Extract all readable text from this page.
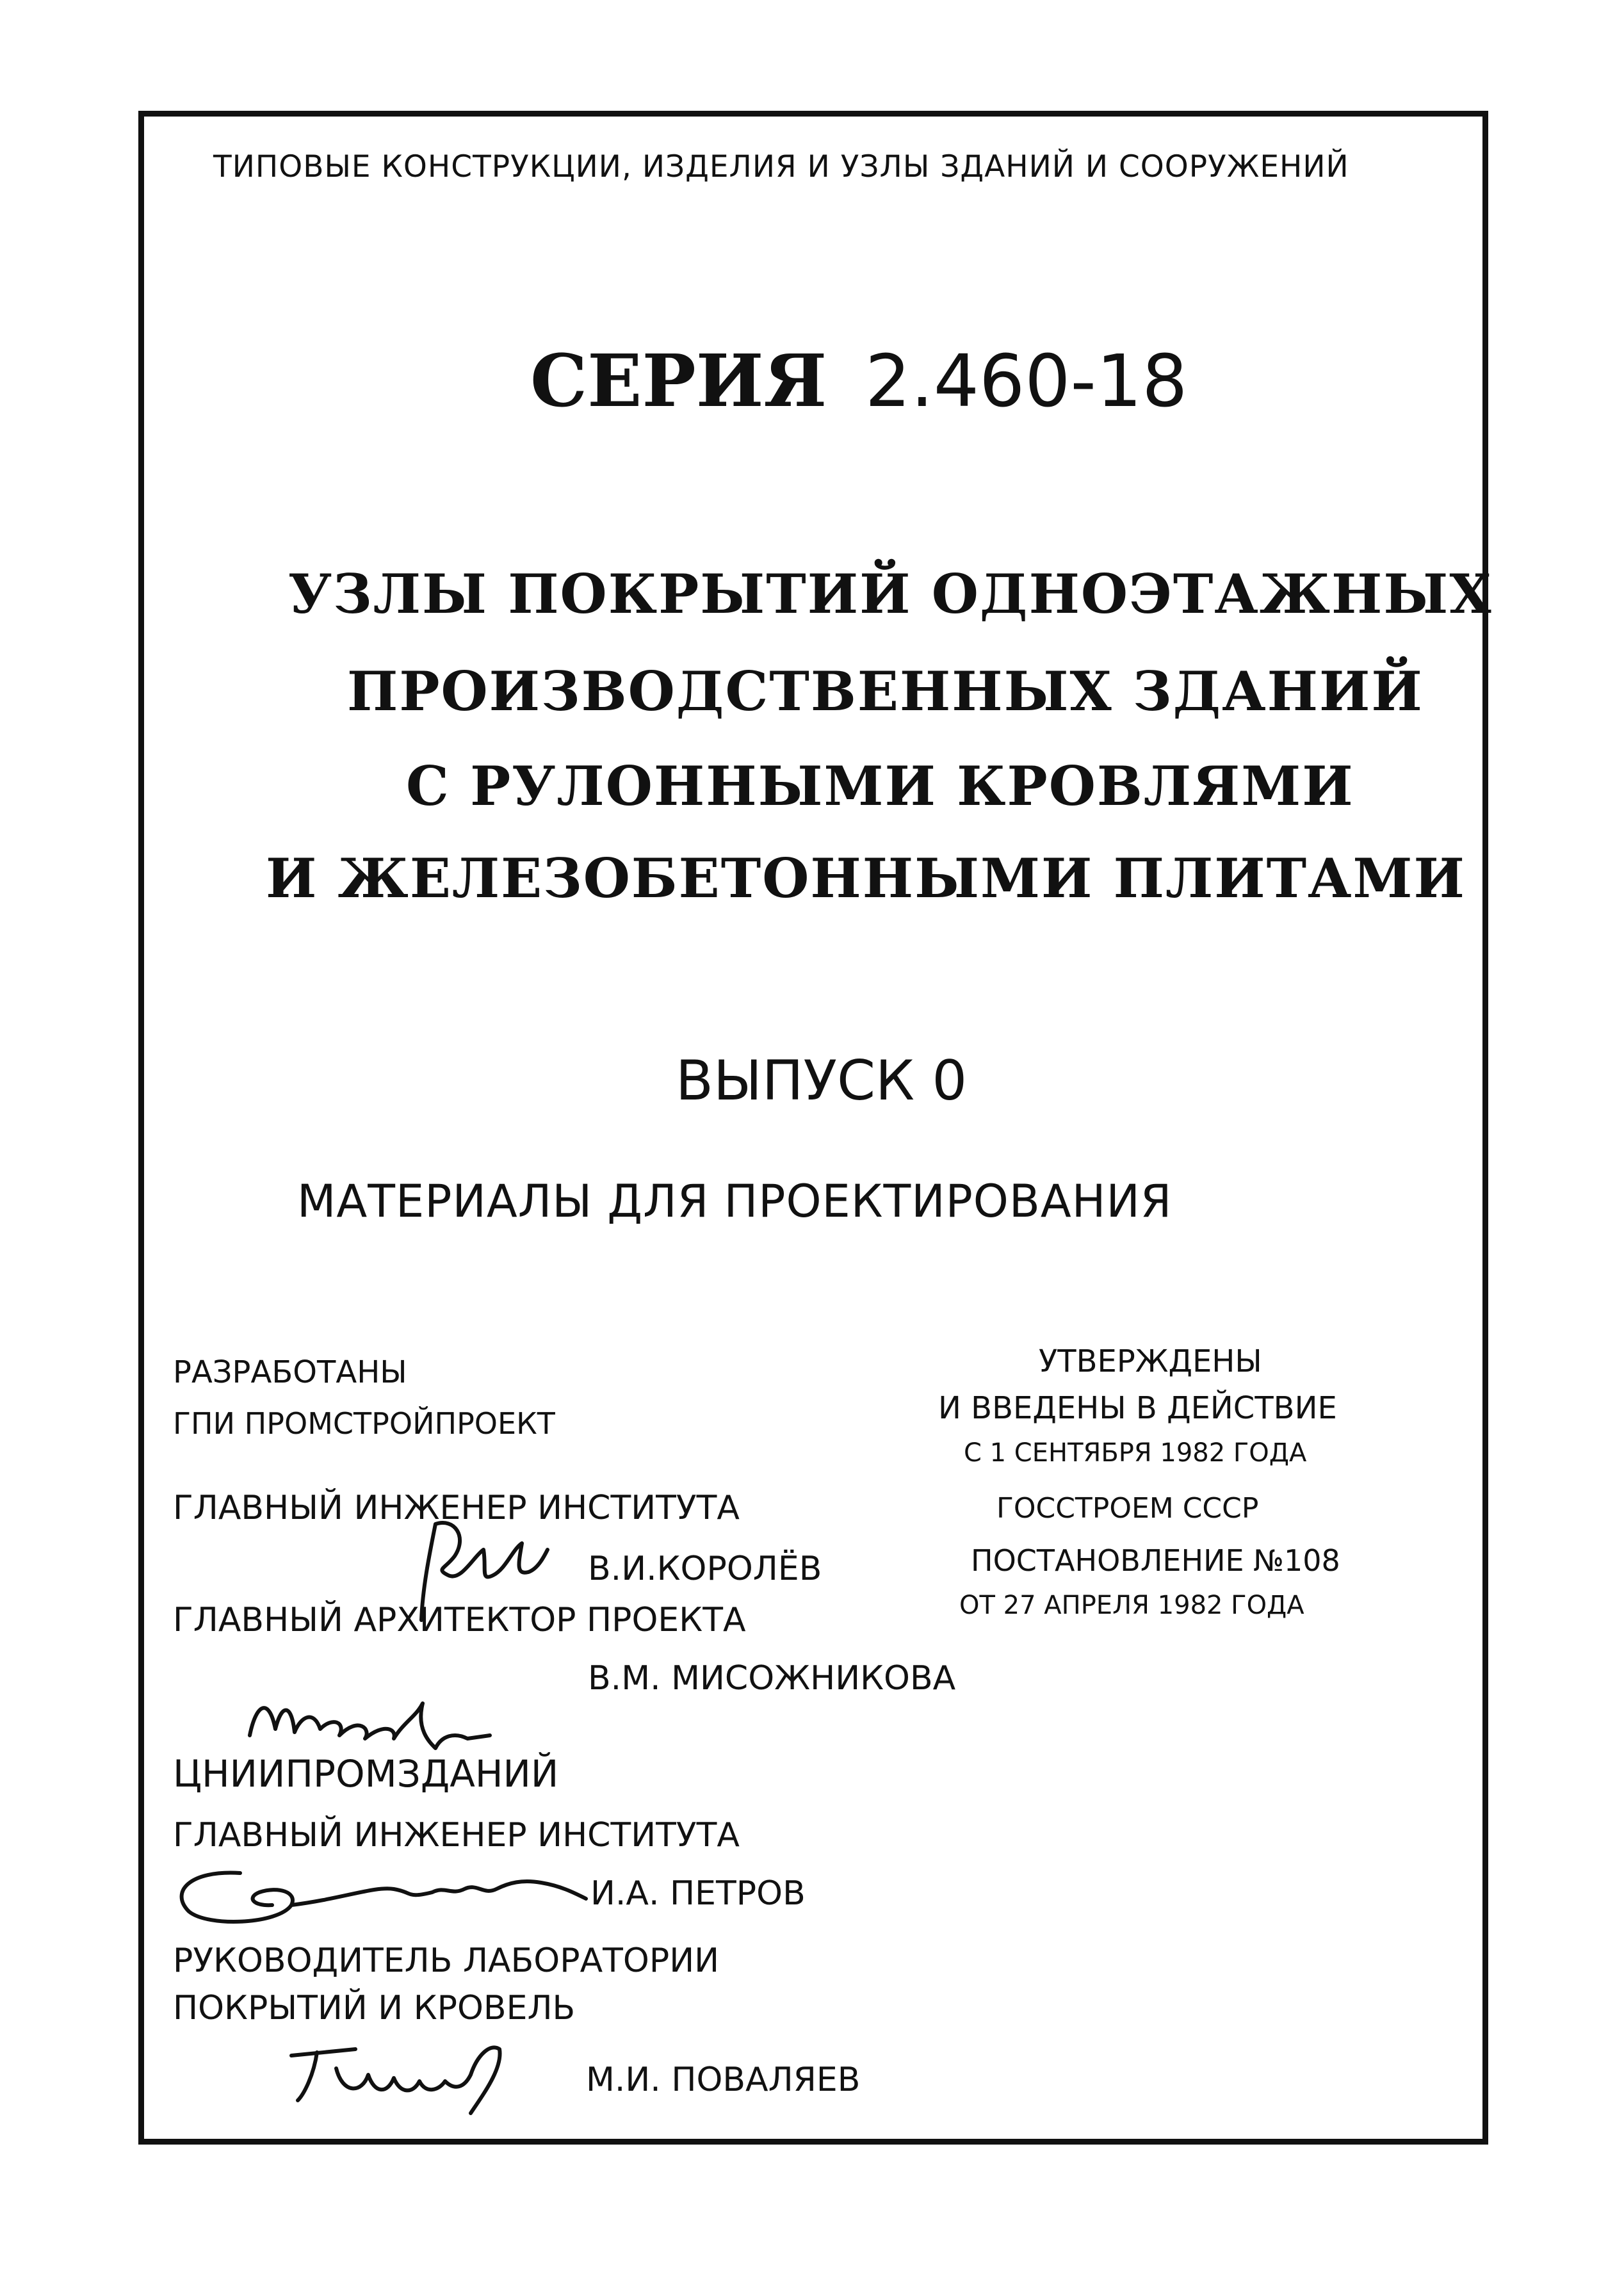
ТИПОВЫЕ КОНСТРУКЦИИ, ИЗДЕЛИЯ И УЗЛЫ ЗДАНИЙ И СООРУЖЕНИЙ

СЕРИЯ 2.460-18

УЗЛЫ ПОКРЫТИЙ ОДНОЭТАЖНЫХ

ПРОИЗВОДСТВЕННЫХ ЗДАНИЙ

С РУЛОННЫМИ КРОВЛЯМИ

И ЖЕЛЕЗОБЕТОННЫМИ ПЛИТАМИ

ВЫПУСК 0

МАТЕРИАЛЫ ДЛЯ ПРОЕКТИРОВАНИЯ

РАЗРАБОТАНЫ

ГПИ ПРОМСТРОЙПРОЕКТ

ГЛАВНЫЙ ИНЖЕНЕР ИНСТИТУТА

В.И.КОРОЛЁВ

ГЛАВНЫЙ АРХИТЕКТОР ПРОЕКТА

В.М. МИСОЖНИКОВА

ЦНИИПРОМЗДАНИЙ

ГЛАВНЫЙ ИНЖЕНЕР ИНСТИТУТА

И.А. ПЕТРОВ

РУКОВОДИТЕЛЬ ЛАБОРАТОРИИ

ПОКРЫТИЙ И КРОВЕЛЬ

М.И. ПОВАЛЯЕВ

УТВЕРЖДЕНЫ

И ВВЕДЕНЫ В ДЕЙСТВИЕ

С 1 СЕНТЯБРЯ 1982 ГОДА

ГОССТРОЕМ СССР

ПОСТАНОВЛЕНИЕ №108

ОТ 27 АПРЕЛЯ 1982 ГОДА
